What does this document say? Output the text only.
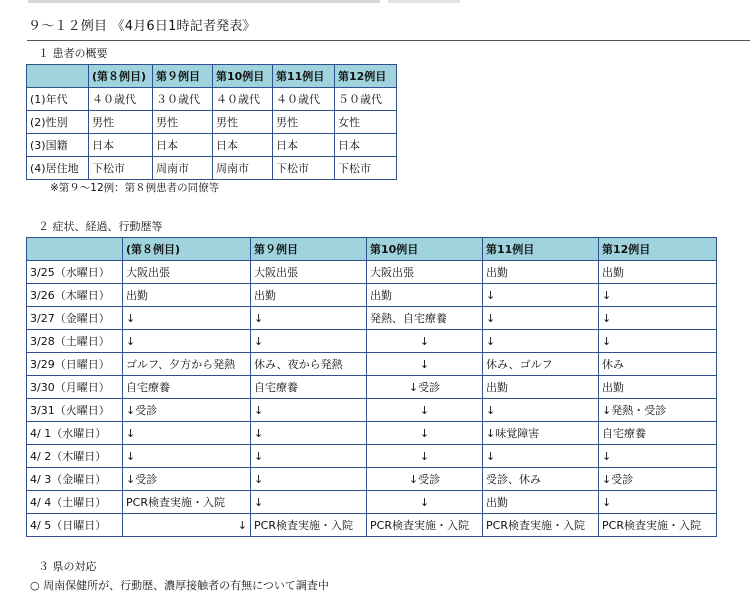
９～１２例目 《4月6日1時記者発表》
１ 患者の概要
	(第８例目)	第９例目	第10例目	第11例目	第12例目
(1)年代	４０歳代	３０歳代	４０歳代	４０歳代	５０歳代
(2)性別	男性	男性	男性	男性	女性
(3)国籍	日本	日本	日本	日本	日本
(4)居住地	下松市	周南市	周南市	下松市	下松市
※第９～12例：第８例患者の同僚等
２ 症状、経過、行動歴等
	(第８例目)	第９例目	第10例目	第11例目	第12例目
3/25（水曜日）	大阪出張	大阪出張	大阪出張	出勤	出勤
3/26（木曜日）	出勤	出勤	出勤	↓	↓
3/27（金曜日）	↓	↓	発熱、自宅療養	↓	↓
3/28（土曜日）	↓	↓	↓	↓	↓
3/29（日曜日）	ゴルフ、夕方から発熱	休み、夜から発熱	↓	休み、ゴルフ	休み
3/30（月曜日）	自宅療養	自宅療養	↓受診	出勤	出勤
3/31（火曜日）	↓受診	↓	↓	↓	↓発熱・受診
4/ 1（水曜日）	↓	↓	↓	↓味覚障害	自宅療養
4/ 2（木曜日）	↓	↓	↓	↓	↓
4/ 3（金曜日）	↓受診	↓	↓受診	受診、休み	↓受診
4/ 4（土曜日）	PCR検査実施・入院	↓	↓	出勤	↓
4/ 5（日曜日）	↓	PCR検査実施・入院	PCR検査実施・入院	PCR検査実施・入院	PCR検査実施・入院
３ 県の対応
○ 周南保健所が、行動歴、濃厚接触者の有無について調査中
